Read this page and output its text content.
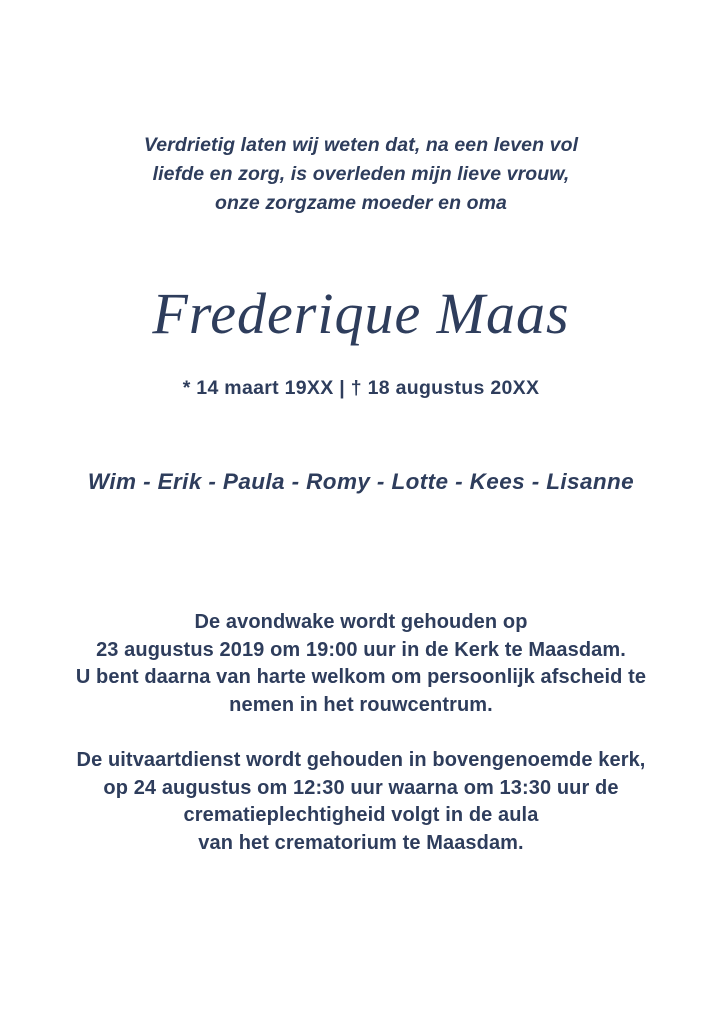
Verdrietig laten wij weten dat, na een leven vol
liefde en zorg, is overleden mijn lieve vrouw,
onze zorgzame moeder en oma
Frederique Maas
* 14 maart 19XX | † 18 augustus 20XX
Wim - Erik - Paula - Romy - Lotte - Kees - Lisanne
De avondwake wordt gehouden op
23 augustus 2019 om 19:00 uur in de Kerk te Maasdam.
U bent daarna van harte welkom om persoonlijk afscheid te
nemen in het rouwcentrum.
De uitvaartdienst wordt gehouden in bovengenoemde kerk,
op 24 augustus om 12:30 uur waarna om 13:30 uur de
crematieplechtigheid volgt in de aula
van het crematorium te Maasdam.
